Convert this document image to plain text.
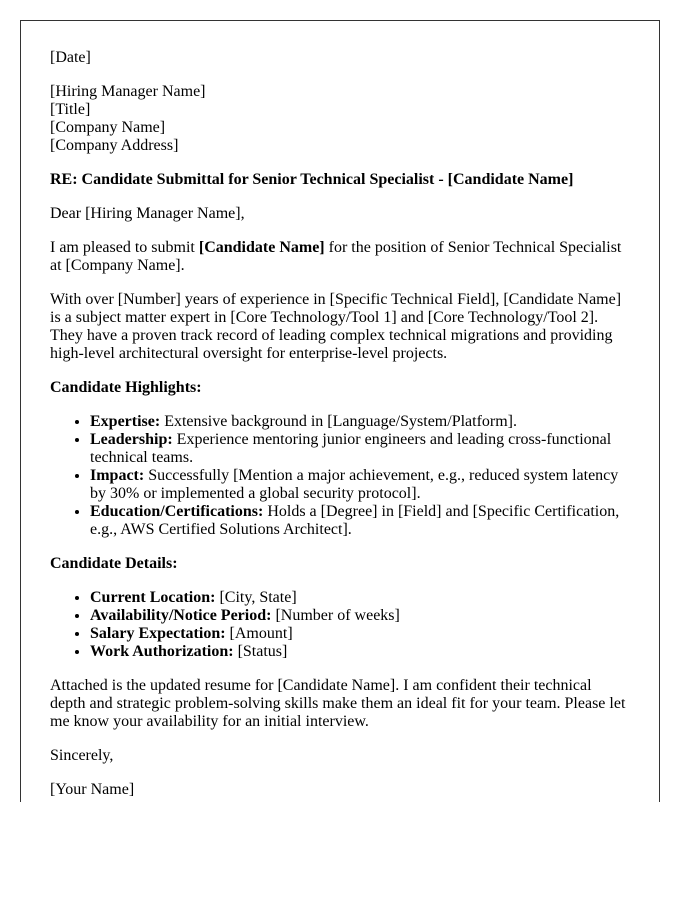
[Date]

[Hiring Manager Name]

[Title]

[Company Name]

[Company Address]

RE: Candidate Submittal for Senior Technical Specialist - [Candidate Name]

Dear [Hiring Manager Name],

I am pleased to submit [Candidate Name] for the position of Senior Technical Specialist at [Company Name].

With over [Number] years of experience in [Specific Technical Field], [Candidate Name] is a subject matter expert in [Core Technology/Tool 1] and [Core Technology/Tool 2]. They have a proven track record of leading complex technical migrations and providing high-level architectural oversight for enterprise-level projects.

Candidate Highlights:
• Expertise: Extensive background in [Language/System/Platform].
• Leadership: Experience mentoring junior engineers and leading cross-functional technical teams.
• Impact: Successfully [Mention a major achievement, e.g., reduced system latency by 30% or implemented a global security protocol].
• Education/Certifications: Holds a [Degree] in [Field] and [Specific Certification, e.g., AWS Certified Solutions Architect].
Candidate Details:
• Current Location: [City, State]
• Availability/Notice Period: [Number of weeks]
• Salary Expectation: [Amount]
• Work Authorization: [Status]

Attached is the updated resume for [Candidate Name]. I am confident their technical depth and strategic problem-solving skills make them an ideal fit for your team. Please let me know your availability for an initial interview.

Sincerely,

[Your Name]
